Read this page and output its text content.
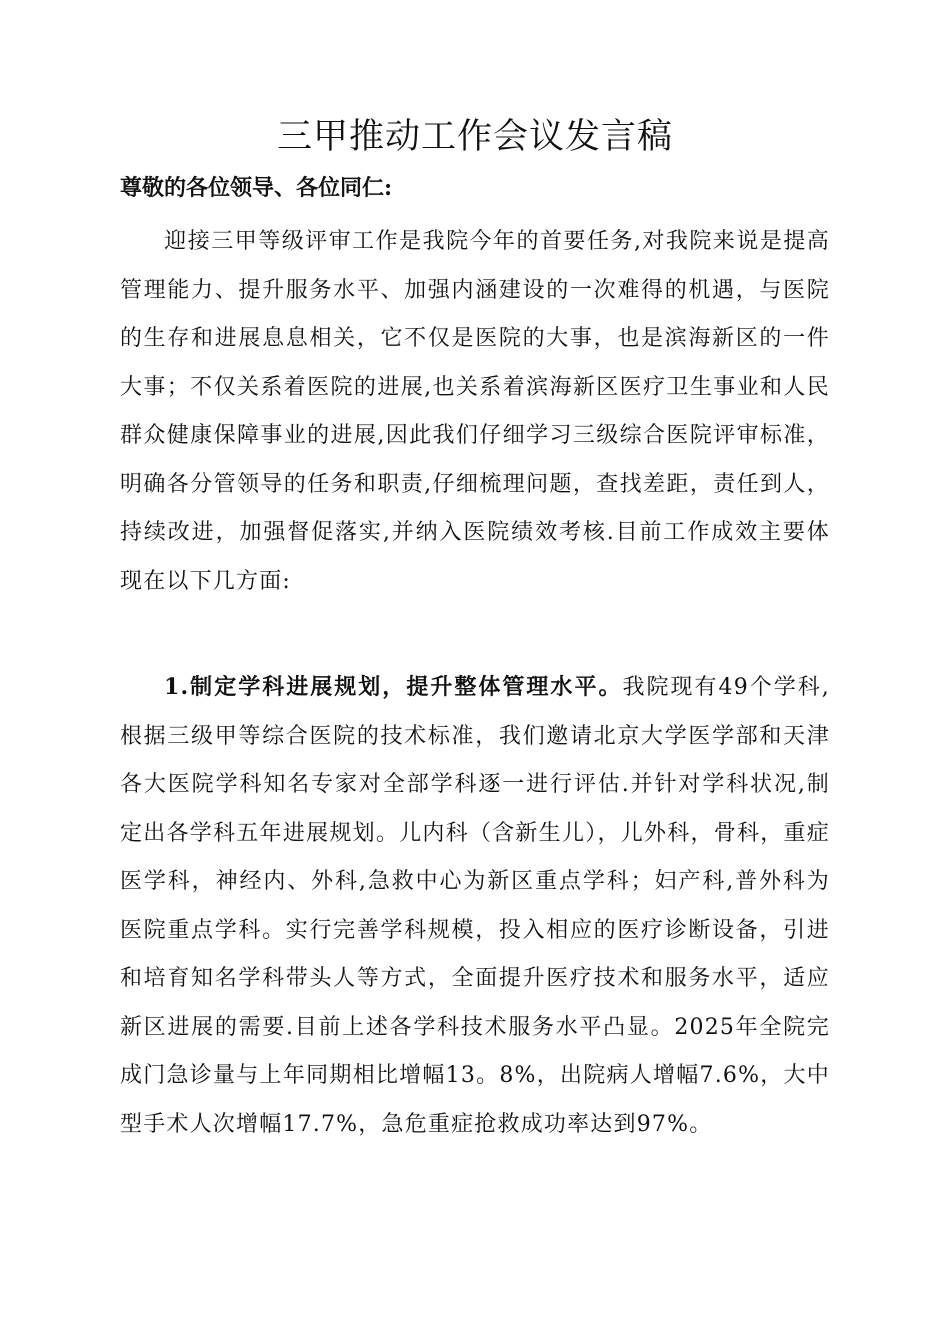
三甲推动工作会议发言稿
尊敬的各位领导、各位同仁:
迎接三甲等级评审工作是我院今年的首要任务,对我院来说是提高管理能力、提升服务水平、加强内涵建设的一次难得的机遇，与医院的生存和进展息息相关，它不仅是医院的大事，也是滨海新区的一件大事；不仅关系着医院的进展,也关系着滨海新区医疗卫生事业和人民群众健康保障事业的进展,因此我们仔细学习三级综合医院评审标准，明确各分管领导的任务和职责,仔细梳理问题，查找差距，责任到人，持续改进，加强督促落实,并纳入医院绩效考核.目前工作成效主要体现在以下几方面:
1.制定学科进展规划，提升整体管理水平。我院现有49个学科,根据三级甲等综合医院的技术标准，我们邀请北京大学医学部和天津各大医院学科知名专家对全部学科逐一进行评估.并针对学科状况,制定出各学科五年进展规划。儿内科（含新生儿），儿外科，骨科，重症医学科，神经内、外科,急救中心为新区重点学科；妇产科,普外科为医院重点学科。实行完善学科规模，投入相应的医疗诊断设备，引进和培育知名学科带头人等方式，全面提升医疗技术和服务水平，适应新区进展的需要.目前上述各学科技术服务水平凸显。2025年全院完成门急诊量与上年同期相比增幅13。8%，出院病人增幅7.6%，大中型手术人次增幅17.7%，急危重症抢救成功率达到97%。
